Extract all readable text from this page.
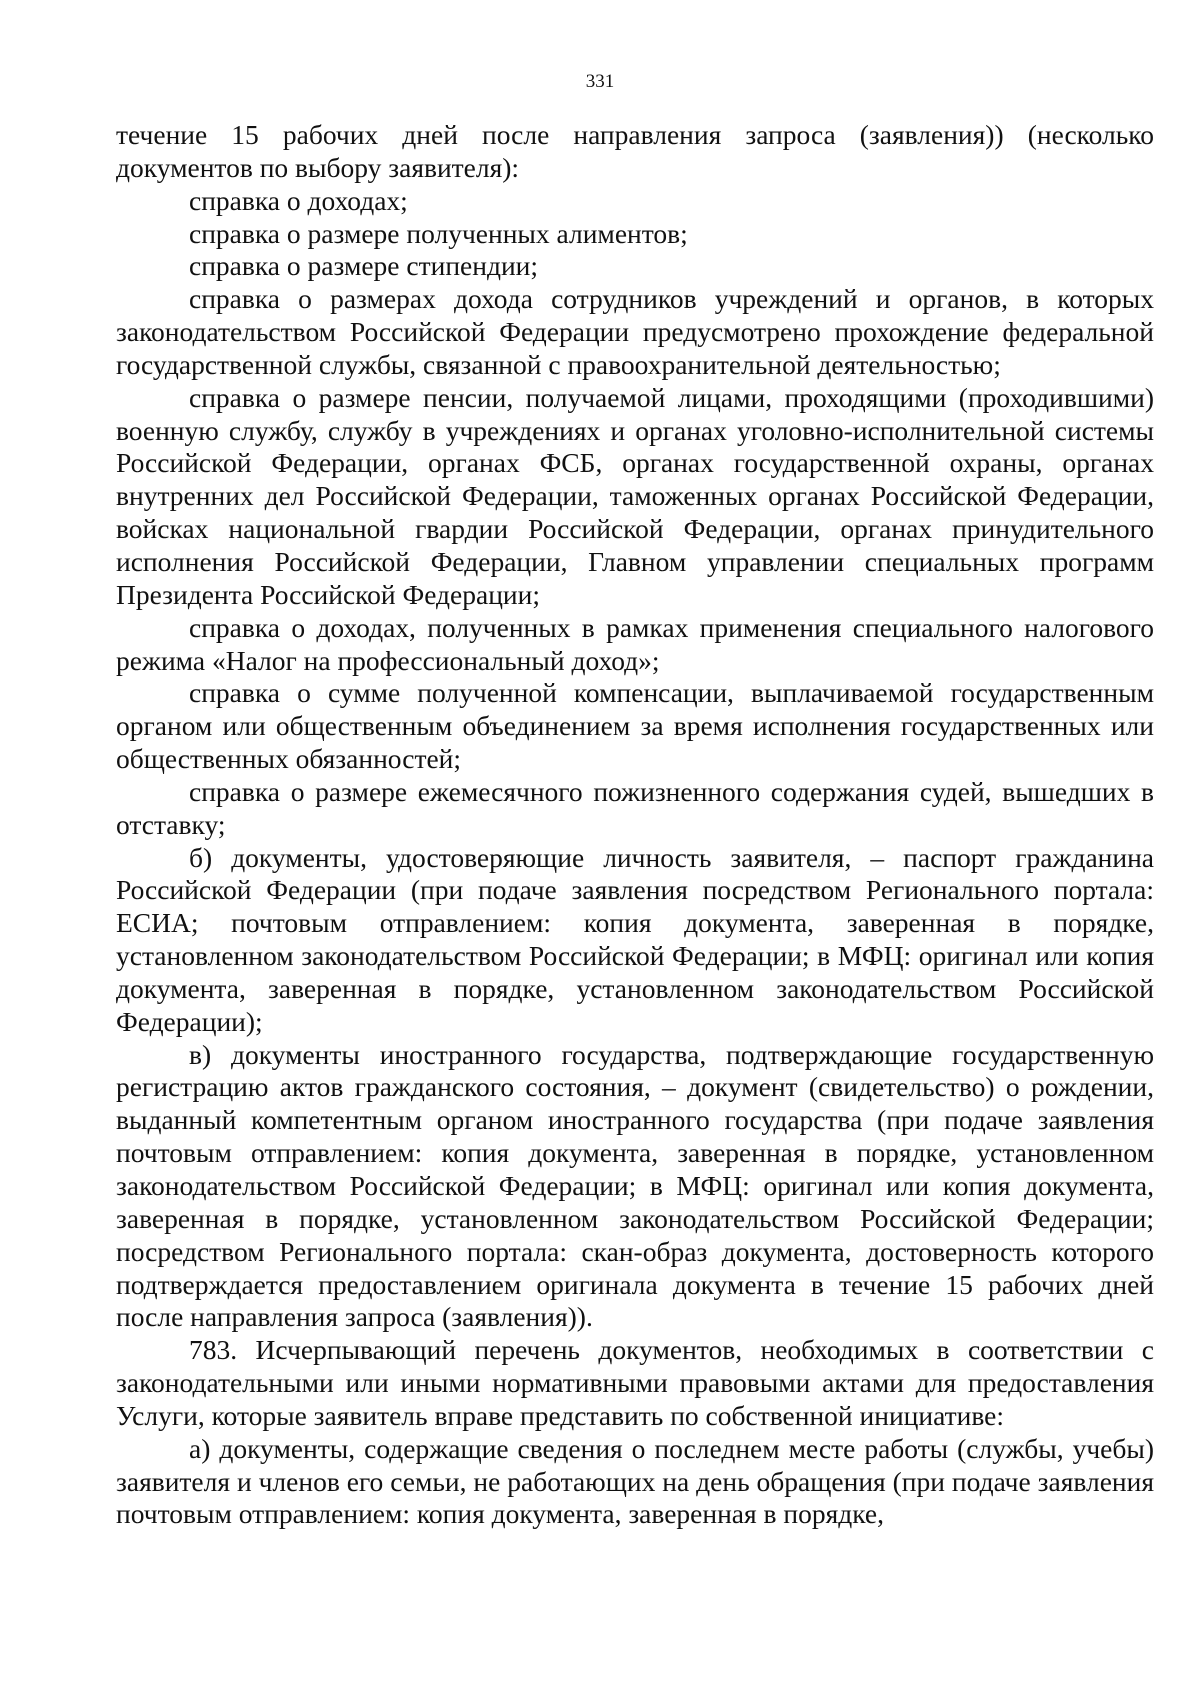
331

течение 15 рабочих дней после направления запроса (заявления)) (несколько документов по выбору заявителя):

справка о доходах;

справка о размере полученных алиментов;

справка о размере стипендии;

справка о размерах дохода сотрудников учреждений и органов, в которых законодательством Российской Федерации предусмотрено прохождение федеральной государственной службы, связанной с правоохранительной деятельностью;

справка о размере пенсии, получаемой лицами, проходящими (проходившими) военную службу, службу в учреждениях и органах уголовно-исполнительной системы Российской Федерации, органах ФСБ, органах государственной охраны, органах внутренних дел Российской Федерации, таможенных органах Российской Федерации, войсках национальной гвардии Российской Федерации, органах принудительного исполнения Российской Федерации, Главном управлении специальных программ Президента Российской Федерации;

справка о доходах, полученных в рамках применения специального налогового режима «Налог на профессиональный доход»;

справка о сумме полученной компенсации, выплачиваемой государственным органом или общественным объединением за время исполнения государственных или общественных обязанностей;

справка о размере ежемесячного пожизненного содержания судей, вышедших в отставку;

б) документы, удостоверяющие личность заявителя, – паспорт гражданина Российской Федерации (при подаче заявления посредством Регионального портала: ЕСИА; почтовым отправлением: копия документа, заверенная в порядке, установленном законодательством Российской Федерации; в МФЦ: оригинал или копия документа, заверенная в порядке, установленном законодательством Российской Федерации);

в) документы иностранного государства, подтверждающие государственную регистрацию актов гражданского состояния, – документ (свидетельство) о рождении, выданный компетентным органом иностранного государства (при подаче заявления почтовым отправлением: копия документа, заверенная в порядке, установленном законодательством Российской Федерации; в МФЦ: оригинал или копия документа, заверенная в порядке, установленном законодательством Российской Федерации; посредством Регионального портала: скан-образ документа, достоверность которого подтверждается предоставлением оригинала документа в течение 15 рабочих дней после направления запроса (заявления)).

783. Исчерпывающий перечень документов, необходимых в соответствии с законодательными или иными нормативными правовыми актами для предоставления Услуги, которые заявитель вправе представить по собственной инициативе:

а) документы, содержащие сведения о последнем месте работы (службы, учебы) заявителя и членов его семьи, не работающих на день обращения (при подаче заявления почтовым отправлением: копия документа, заверенная в порядке,
